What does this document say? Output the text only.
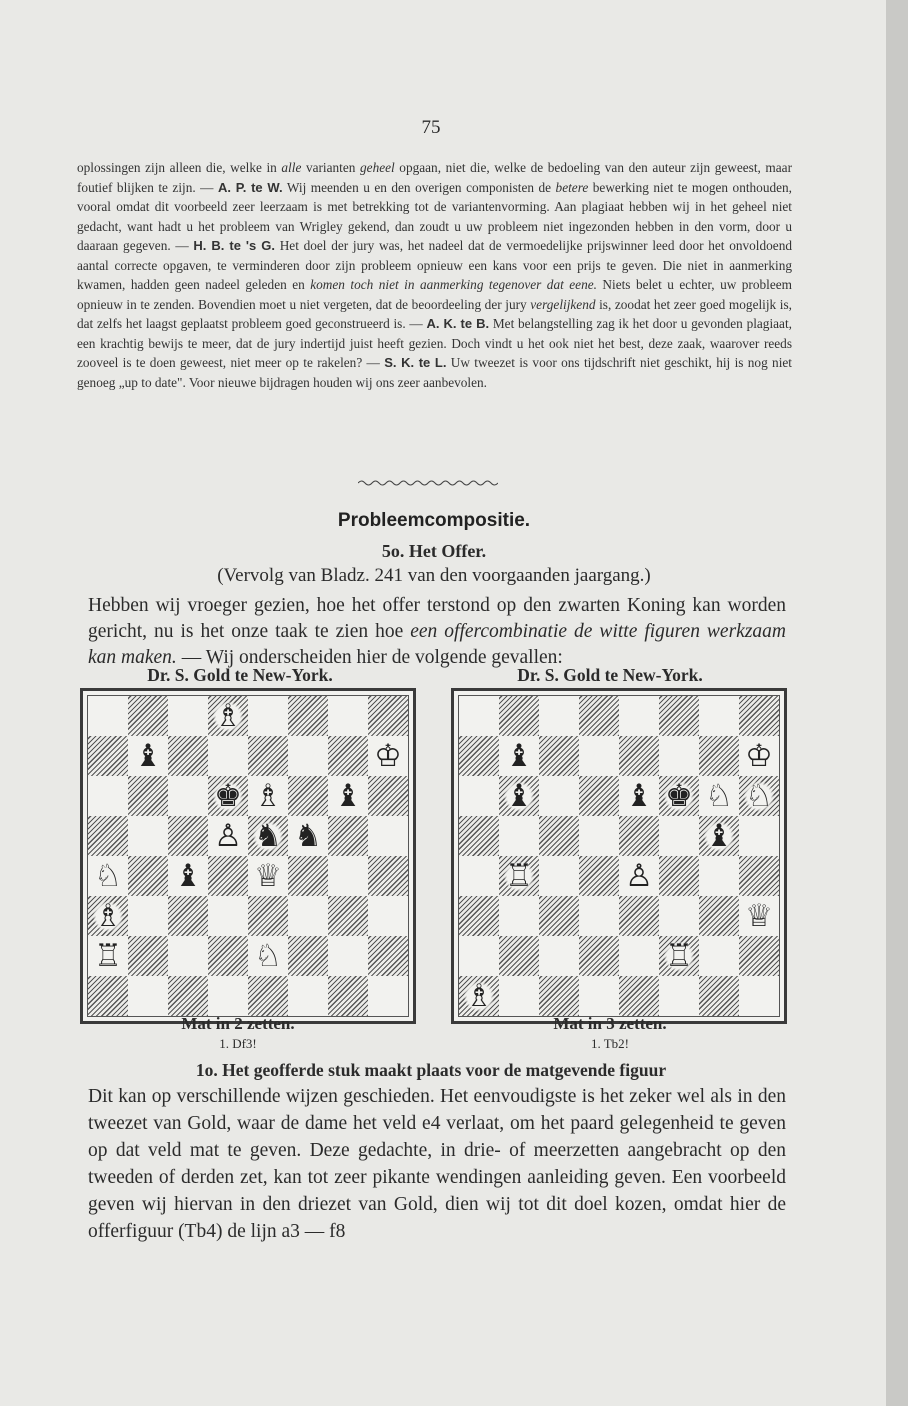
75
oplossingen zijn alleen die, welke in alle varianten geheel opgaan, niet die, welke de bedoeling van den auteur zijn geweest, maar foutief blijken te zijn. — A. P. te W. Wij meenden u en den overigen componisten de betere bewerking niet te mogen onthouden, vooral omdat dit voorbeeld zeer leerzaam is met betrekking tot de variantenvorming. Aan plagiaat hebben wij in het geheel niet gedacht, want hadt u het probleem van Wrigley gekend, dan zoudt u uw probleem niet ingezonden hebben in den vorm, door u daaraan gegeven. — H. B. te 's G. Het doel der jury was, het nadeel dat de vermoedelijke prijswinner leed door het onvoldoend aantal correcte opgaven, te verminderen door zijn probleem opnieuw een kans voor een prijs te geven. Die niet in aanmerking kwamen, hadden geen nadeel geleden en komen toch niet in aanmerking tegenover dat eene. Niets belet u echter, uw probleem opnieuw in te zenden. Bovendien moet u niet vergeten, dat de beoordeeling der jury vergelijkend is, zoodat het zeer goed mogelijk is, dat zelfs het laagst geplaatst probleem goed geconstrueerd is. — A. K. te B. Met belangstelling zag ik het door u gevonden plagiaat, een krachtig bewijs te meer, dat de jury indertijd juist heeft gezien. Doch vindt u het ook niet het best, deze zaak, waarover reeds zooveel is te doen geweest, niet meer op te rakelen? — S. K. te L. Uw tweezet is voor ons tijdschrift niet geschikt, hij is nog niet genoeg „up to date". Voor nieuwe bijdragen houden wij ons zeer aanbevolen.
Probleemcompositie.
5o. Het Offer.
(Vervolg van Bladz. 241 van den voorgaanden jaargang.)
Hebben wij vroeger gezien, hoe het offer terstond op den zwarten Koning kan worden gericht, nu is het onze taak te zien hoe een offercombinatie de witte figuren werkzaam kan maken. — Wij onderscheiden hier de volgende gevallen:
Dr. S. Gold te New-York.
♗
♝	♔
♚ ♗ ♝
♙ ♞ ♞
♘ ♝ ♕
♗
♖	♘
Mat in 2 zetten.
1. Df3!
Dr. S. Gold te New-York.
♝	♔
♝	♝ ♚ ♘ ♘
♝
♖	♙
♕
♖
♗
Mat in 3 zetten.
1. Tb2!
1o. Het geofferde stuk maakt plaats voor de matgevende figuur
Dit kan op verschillende wijzen geschieden. Het eenvoudigste is het zeker wel als in den tweezet van Gold, waar de dame het veld e4 verlaat, om het paard gelegenheid te geven op dat veld mat te geven. Deze gedachte, in drie- of meerzetten aangebracht op den tweeden of derden zet, kan tot zeer pikante wendingen aanleiding geven. Een voorbeeld geven wij hiervan in den driezet van Gold, dien wij tot dit doel kozen, omdat hier de offerfiguur (Tb4) de lijn a3 — f8
